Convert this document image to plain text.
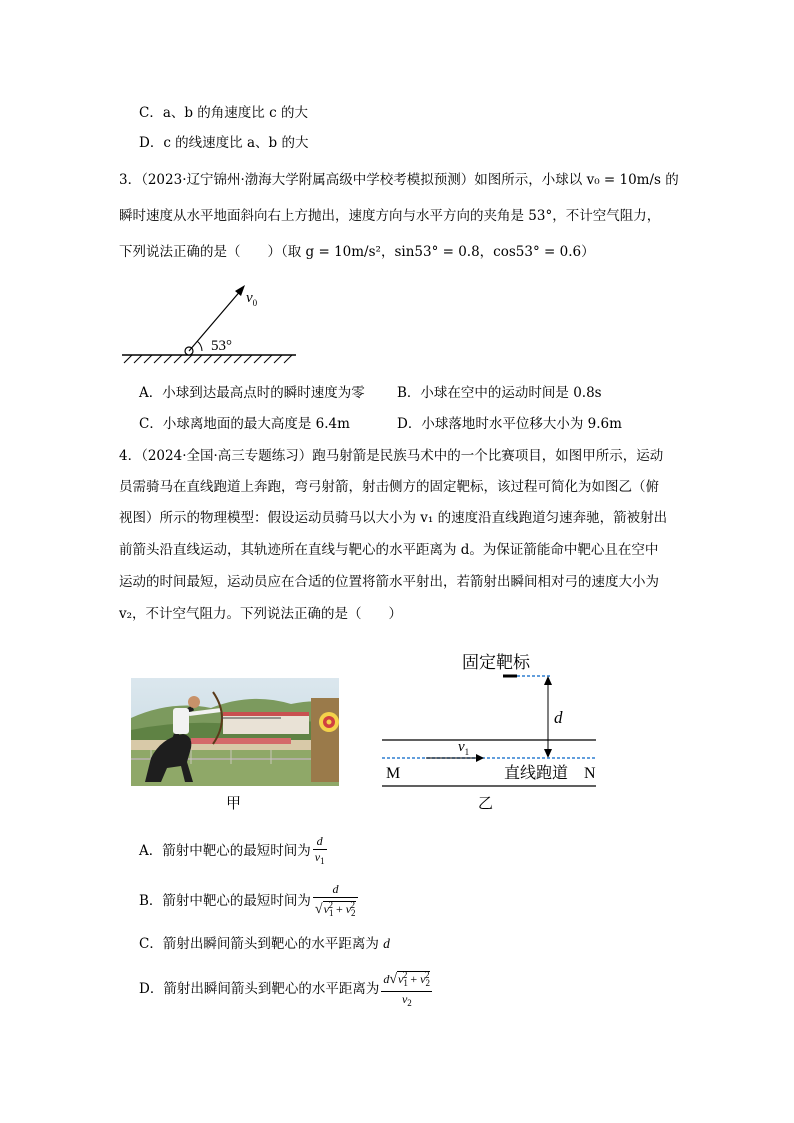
C．a、b 的角速度比 c 的大
D．c 的线速度比 a、b 的大
3．（2023·辽宁锦州·渤海大学附属高级中学校考模拟预测）如图所示，小球以 v₀ = 10m/s 的
瞬时速度从水平地面斜向右上方抛出，速度方向与水平方向的夹角是 53°，不计空气阻力，
下列说法正确的是（　　）（取 g = 10m/s²，sin53° = 0.8，cos53° = 0.6）
$v_0$
53°
A．小球到达最高点时的瞬时速度为零 B．小球在空中的运动时间是 0.8s
C．小球离地面的最大高度是 6.4m	D．小球落地时水平位移大小为 9.6m
4．（2024·全国·高三专题练习）跑马射箭是民族马术中的一个比赛项目，如图甲所示，运动
员需骑马在直线跑道上奔跑，弯弓射箭，射击侧方的固定靶标，该过程可简化为如图乙（俯
视图）所示的物理模型：假设运动员骑马以大小为 v₁ 的速度沿直线跑道匀速奔驰，箭被射出
前箭头沿直线运动，其轨迹所在直线与靶心的水平距离为 d。为保证箭能命中靶心且在空中
运动的时间最短，运动员应在合适的位置将箭水平射出，若箭射出瞬间相对弓的速度大小为
v₂，不计空气阻力。下列说法正确的是（　　）
甲
固定靶标
d
$v_1$
M	直线跑道 N
乙
A．箭射中靶心的最短时间为 $\frac{d}{v_1}$
B．箭射中靶心的最短时间为 $\frac{d}{√v_1^2 + v_2^2}$
C．箭射出瞬间箭头到靶心的水平距离为 d
D．箭射出瞬间箭头到靶心的水平距离为 $\frac{d√v_1^2 + v_2^2}{v_2}$
